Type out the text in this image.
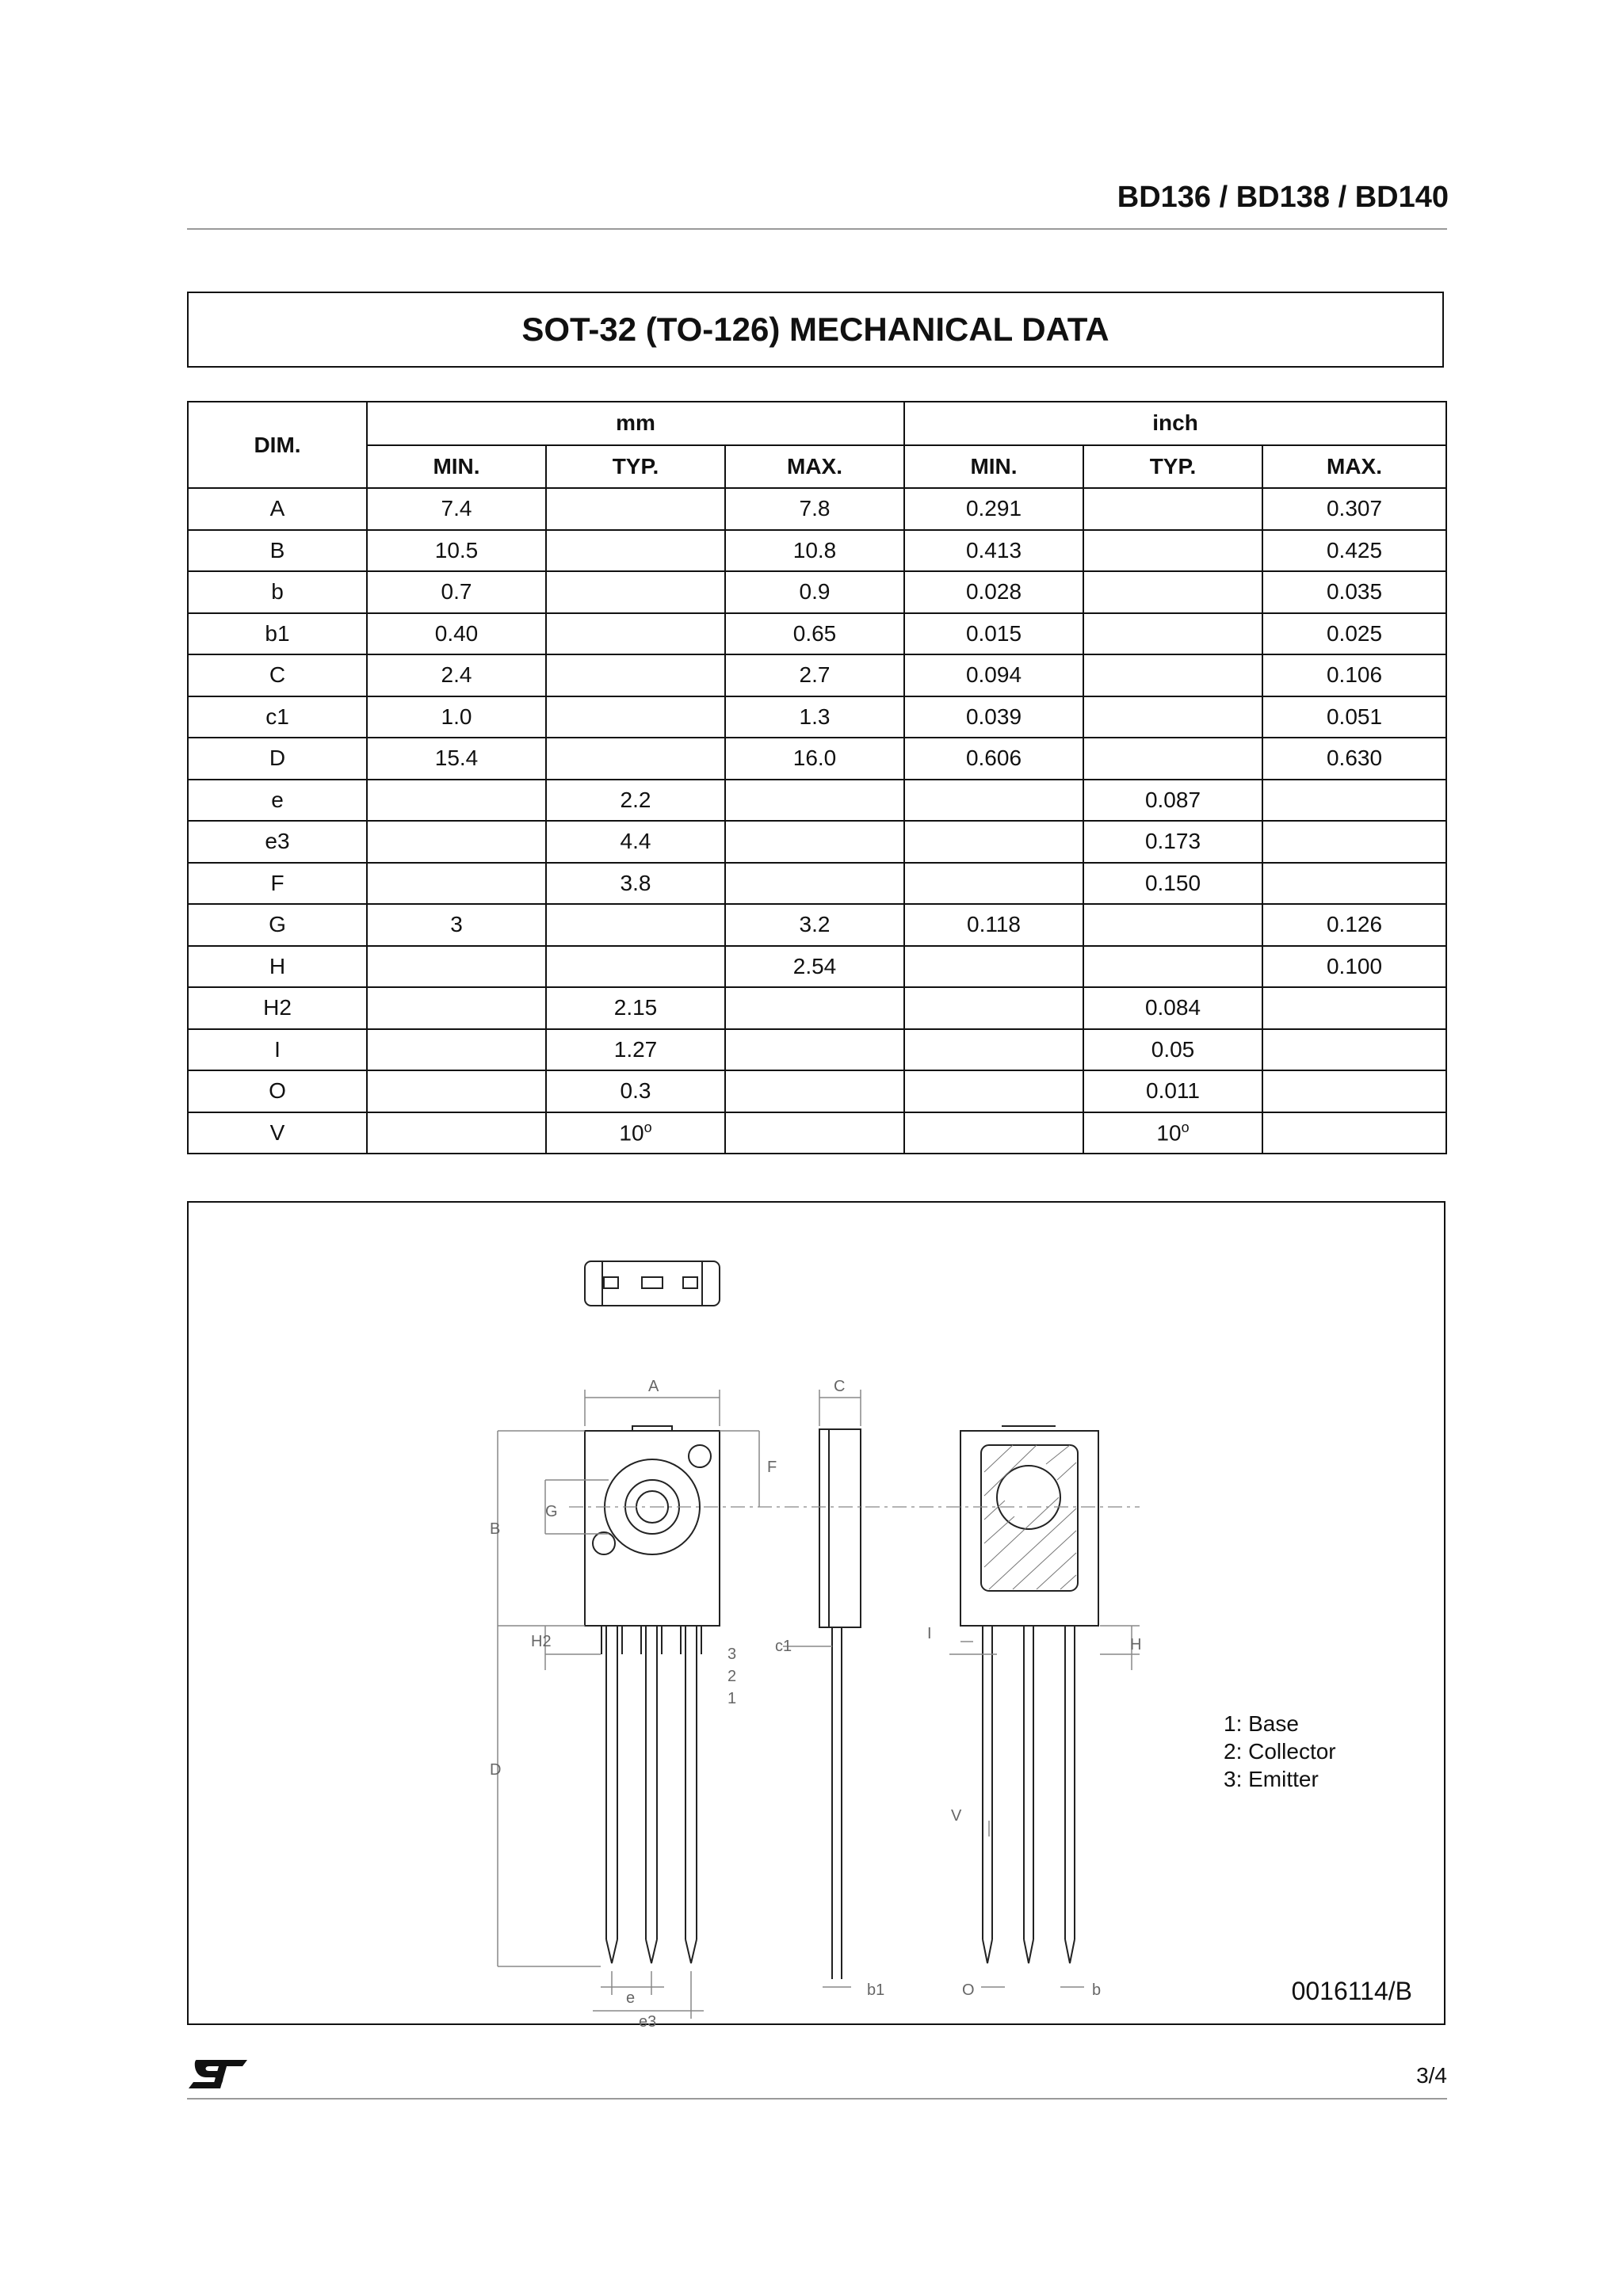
BD136 / BD138 / BD140
SOT-32 (TO-126) MECHANICAL DATA
DIM.	mm			inch		
	MIN.	TYP.	MAX.	MIN.	TYP.	MAX.
A	7.4		7.8	0.291		0.307
B	10.5		10.8	0.413		0.425
b	0.7		0.9	0.028		0.035
b1	0.40		0.65	0.015		0.025
C	2.4		2.7	0.094		0.106
c1	1.0		1.3	0.039		0.051
D	15.4		16.0	0.606		0.630
e		2.2			0.087	
e3		4.4			0.173	
F		3.8			0.150	
G	3		3.2	0.118		0.126
H			2.54			0.100
H2		2.15			0.084	
I		1.27			0.05	
O		0.3			0.011	
V		10$^o$			10$^o$	
A	C
F
G
B
H2
3
2
1
D
e
e3
c1
b1
I
H
V
O	b
1: Base
2: Collector
3: Emitter
0016114/B
3/4
